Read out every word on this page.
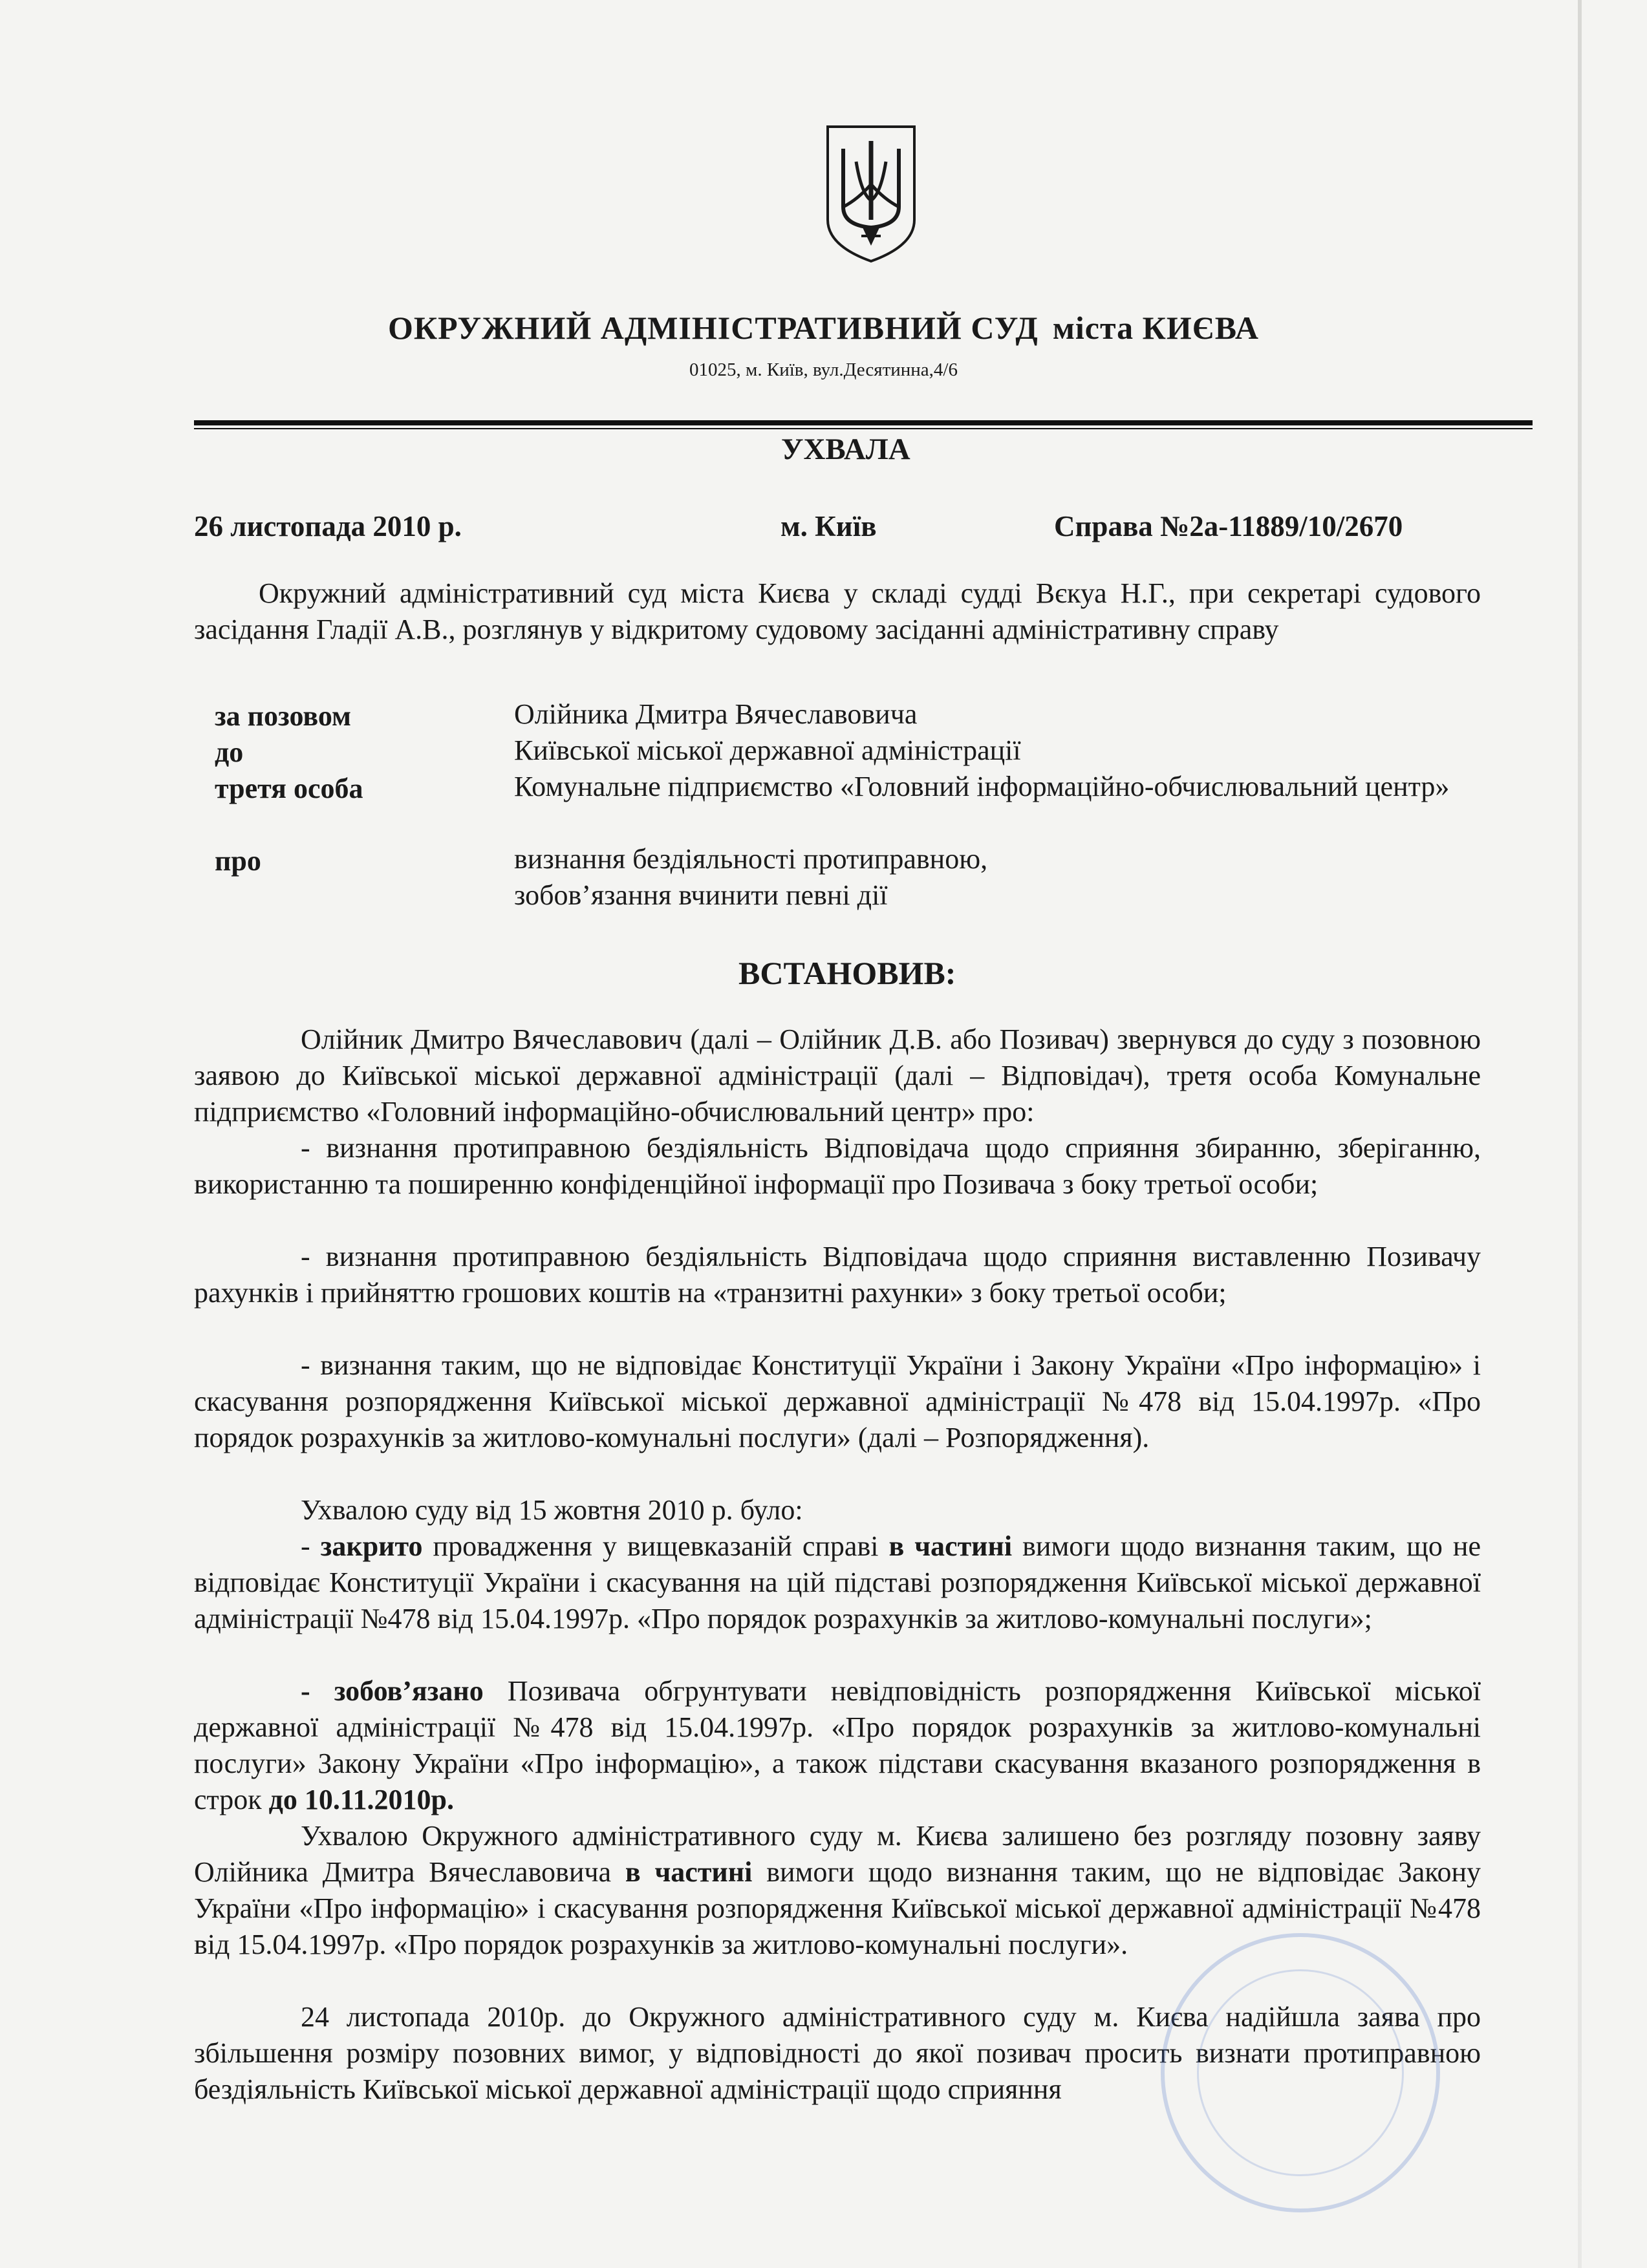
ОКРУЖНИЙ АДМІНІСТРАТИВНИЙ СУД міста КИЄВА
01025, м. Київ, вул.Десятинна,4/6
УХВАЛА
26 листопада 2010 р.	м. Київ	Справа №2а-11889/10/2670

Окружний адміністративний суд міста Києва у складі судді Вєкуа Н.Г., при секретарі судового засідання Гладії А.В., розглянув у відкритому судовому засіданні адміністративну справу

за позовом	Олійника Дмитра Вячеславовича
до	Київської міської державної адміністрації
третя особа	Комунальне підприємство «Головний інформаційно-обчислювальний центр»
про	визнання бездіяльності протиправною,
зобов’язання вчинити певні дії
ВСТАНОВИВ:

Олійник Дмитро Вячеславович (далі – Олійник Д.В. або Позивач) звернувся до суду з позовною заявою до Київської міської державної адміністрації (далі – Відповідач), третя особа Комунальне підприємство «Головний інформаційно-обчислювальний центр» про:

- визнання протиправною бездіяльність Відповідача щодо сприяння збиранню, зберіганню, використанню та поширенню конфіденційної інформації про Позивача з боку третьої особи;

- визнання протиправною бездіяльність Відповідача щодо сприяння виставленню Позивачу рахунків і прийняттю грошових коштів на «транзитні рахунки» з боку третьої особи;

- визнання таким, що не відповідає Конституції України і Закону України «Про інформацію» і скасування розпорядження Київської міської державної адміністрації №478 від 15.04.1997р. «Про порядок розрахунків за житлово-комунальні послуги» (далі – Розпорядження).

Ухвалою суду від 15 жовтня 2010 р. було:

- закрито провадження у вищевказаній справі в частині вимоги щодо визнання таким, що не відповідає Конституції України і скасування на цій підставі розпорядження Київської міської державної адміністрації №478 від 15.04.1997р. «Про порядок розрахунків за житлово-комунальні послуги»;

- зобов’язано Позивача обгрунтувати невідповідність розпорядження Київської міської державної адміністрації №478 від 15.04.1997р. «Про порядок розрахунків за житлово-комунальні послуги» Закону України «Про інформацію», а також підстави скасування вказаного розпорядження в строк до 10.11.2010р.

Ухвалою Окружного адміністративного суду м. Києва залишено без розгляду позовну заяву Олійника Дмитра Вячеславовича в частині вимоги щодо визнання таким, що не відповідає Закону України «Про інформацію» і скасування розпорядження Київської міської державної адміністрації №478 від 15.04.1997р. «Про порядок розрахунків за житлово-комунальні послуги».

24 листопада 2010р. до Окружного адміністративного суду м. Києва надійшла заява про збільшення розміру позовних вимог, у відповідності до якої позивач просить визнати протиправною бездіяльність Київської міської державної адміністрації щодо сприяння
